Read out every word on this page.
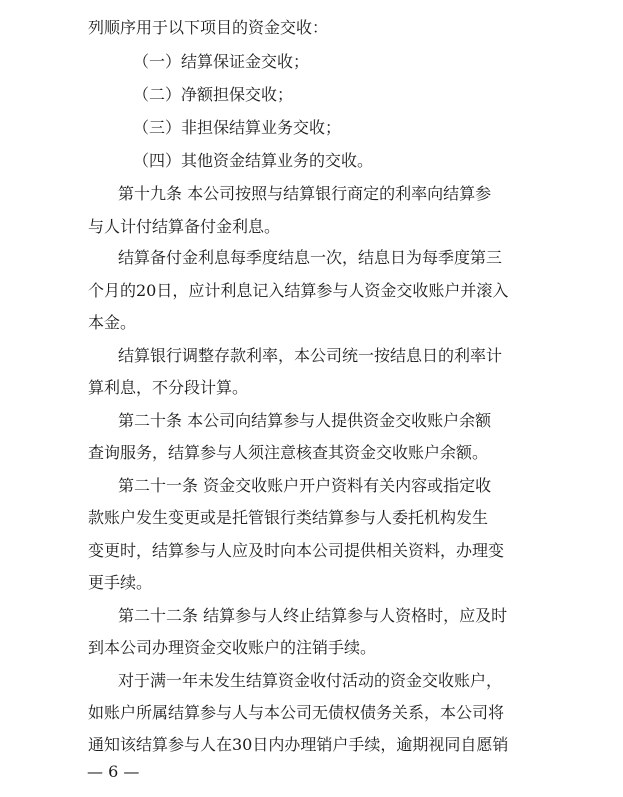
列顺序用于以下项目的资金交收：
（一）结算保证金交收；
（二）净额担保交收；
（三）非担保结算业务交收；
（四）其他资金结算业务的交收。
第十九条 本公司按照与结算银行商定的利率向结算参
与人计付结算备付金利息。
结算备付金利息每季度结息一次，结息日为每季度第三
个月的20日，应计利息记入结算参与人资金交收账户并滚入
本金。
结算银行调整存款利率，本公司统一按结息日的利率计
算利息，不分段计算。
第二十条 本公司向结算参与人提供资金交收账户余额
查询服务，结算参与人须注意核查其资金交收账户余额。
第二十一条 资金交收账户开户资料有关内容或指定收
款账户发生变更或是托管银行类结算参与人委托机构发生
变更时，结算参与人应及时向本公司提供相关资料，办理变
更手续。
第二十二条 结算参与人终止结算参与人资格时，应及时
到本公司办理资金交收账户的注销手续。
对于满一年未发生结算资金收付活动的资金交收账户，
如账户所属结算参与人与本公司无债权债务关系，本公司将
通知该结算参与人在30日内办理销户手续，逾期视同自愿销
— 6 —
